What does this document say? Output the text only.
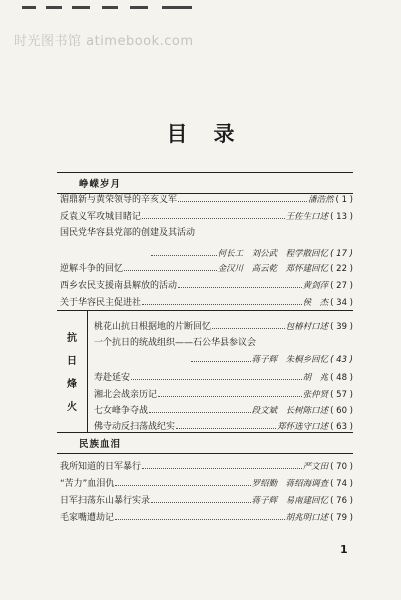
时光图书馆 atimebook.com
目录
峥嵘岁月
湄鼎新与黄荣领导的辛亥义军	潘浩然 ( 1 )
反袁义军攻城目睹记	王佐生口述 ( 13 )
国民党华容县党部的创建及其活动
何长工　刘公武　程学散回忆 ( 17 )
逆解斗争的回忆	金汉川　高云乾　郑怀建回忆 ( 22 )
西乡农民支援南县解放的活动	黄剑萍 ( 27 )
关于华容民主促进社	侯　杰 ( 34 )
抗
日
烽
火
桃花山抗日根据地的片断回忆	包椿村口述 ( 39 )
一个抗日的统战组织——石公华县参议会
蒋子辉　朱桐乡回忆 ( 43 )
寿赴延安	胡　兆 ( 48 )
湘北会战亲历记	张仲贤 ( 57 )
七女峰争夺战	段文斌　长树陈口述 ( 60 )
佛寺动反扫荡战纪实	郑怀选守口述 ( 63 )
民族血泪
我所知道的日军暴行	严文田 ( 70 )
“苦力”血泪仇	罗绍勤　蒋绍海调查 ( 74 )
日军扫荡东山暴行实录	蒋子辉　易南建回忆 ( 76 )
毛家嘴遭劫记	胡兆明口述 ( 79 )
1
